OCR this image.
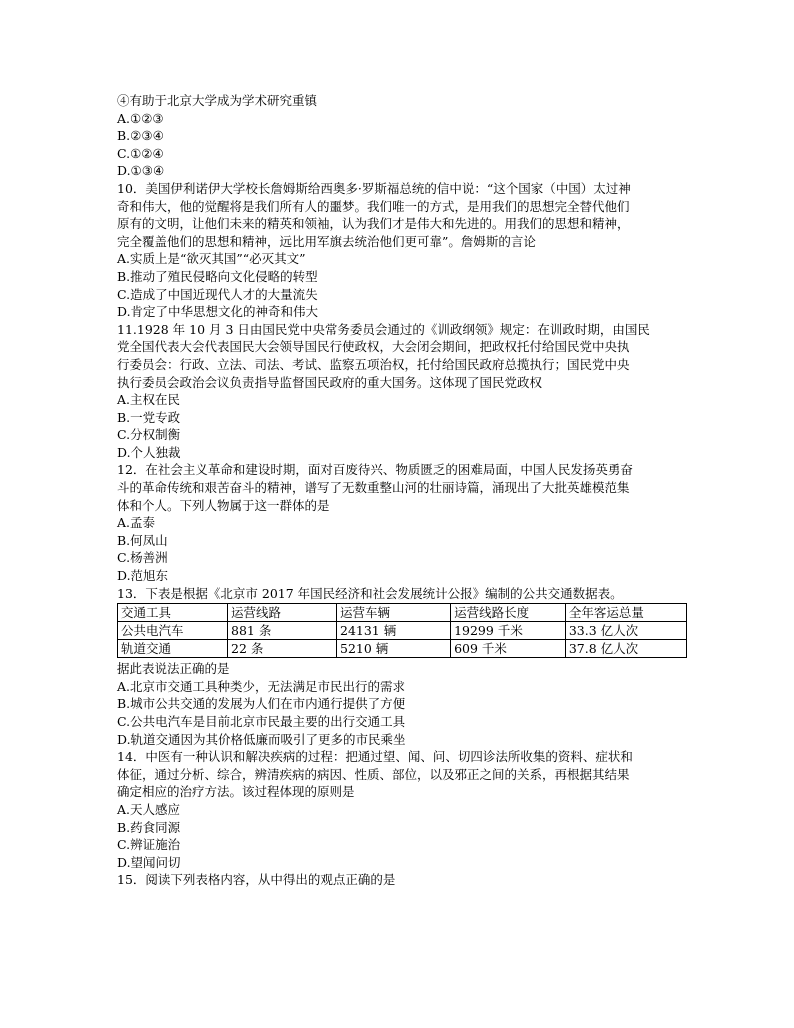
④有助于北京大学成为学术研究重镇
A.①②③
B.②③④
C.①②④
D.①③④
10．美国伊利诺伊大学校长詹姆斯给西奥多·罗斯福总统的信中说：“这个国家（中国）太过神
奇和伟大，他的觉醒将是我们所有人的噩梦。我们唯一的方式，是用我们的思想完全替代他们
原有的文明，让他们未来的精英和领袖，认为我们才是伟大和先进的。用我们的思想和精神，
完全覆盖他们的思想和精神，远比用军旗去统治他们更可靠”。詹姆斯的言论
A.实质上是“欲灭其国”“必灭其文”
B.推动了殖民侵略向文化侵略的转型
C.造成了中国近现代人才的大量流失
D.肯定了中华思想文化的神奇和伟大
11.1928 年 10 月 3 日由国民党中央常务委员会通过的《训政纲领》规定：在训政时期，由国民
党全国代表大会代表国民大会领导国民行使政权，大会闭会期间，把政权托付给国民党中央执
行委员会：行政、立法、司法、考试、监察五项治权，托付给国民政府总揽执行；国民党中央
执行委员会政治会议负责指导监督国民政府的重大国务。这体现了国民党政权
A.主权在民
B.一党专政
C.分权制衡
D.个人独裁
12．在社会主义革命和建设时期，面对百废待兴、物质匮乏的困难局面，中国人民发扬英勇奋
斗的革命传统和艰苦奋斗的精神，谱写了无数重整山河的壮丽诗篇，涌现出了大批英雄模范集
体和个人。下列人物属于这一群体的是
A.孟泰
B.何凤山
C.杨善洲
D.范旭东
13．下表是根据《北京市 2017 年国民经济和社会发展统计公报》编制的公共交通数据表。
交通工具	运营线路	运营车辆	运营线路长度	全年客运总量
公共电汽车	881 条	24131 辆	19299 千米	33.3 亿人次
轨道交通	22 条	5210 辆	609 千米	37.8 亿人次
据此表说法正确的是
A.北京市交通工具种类少，无法满足市民出行的需求
B.城市公共交通的发展为人们在市内通行提供了方便
C.公共电汽车是目前北京市民最主要的出行交通工具
D.轨道交通因为其价格低廉而吸引了更多的市民乘坐
14．中医有一种认识和解决疾病的过程：把通过望、闻、问、切四诊法所收集的资料、症状和
体征，通过分析、综合，辨清疾病的病因、性质、部位，以及邪正之间的关系，再根据其结果
确定相应的治疗方法。该过程体现的原则是
A.天人感应
B.药食同源
C.辨证施治
D.望闻问切
15．阅读下列表格内容，从中得出的观点正确的是
